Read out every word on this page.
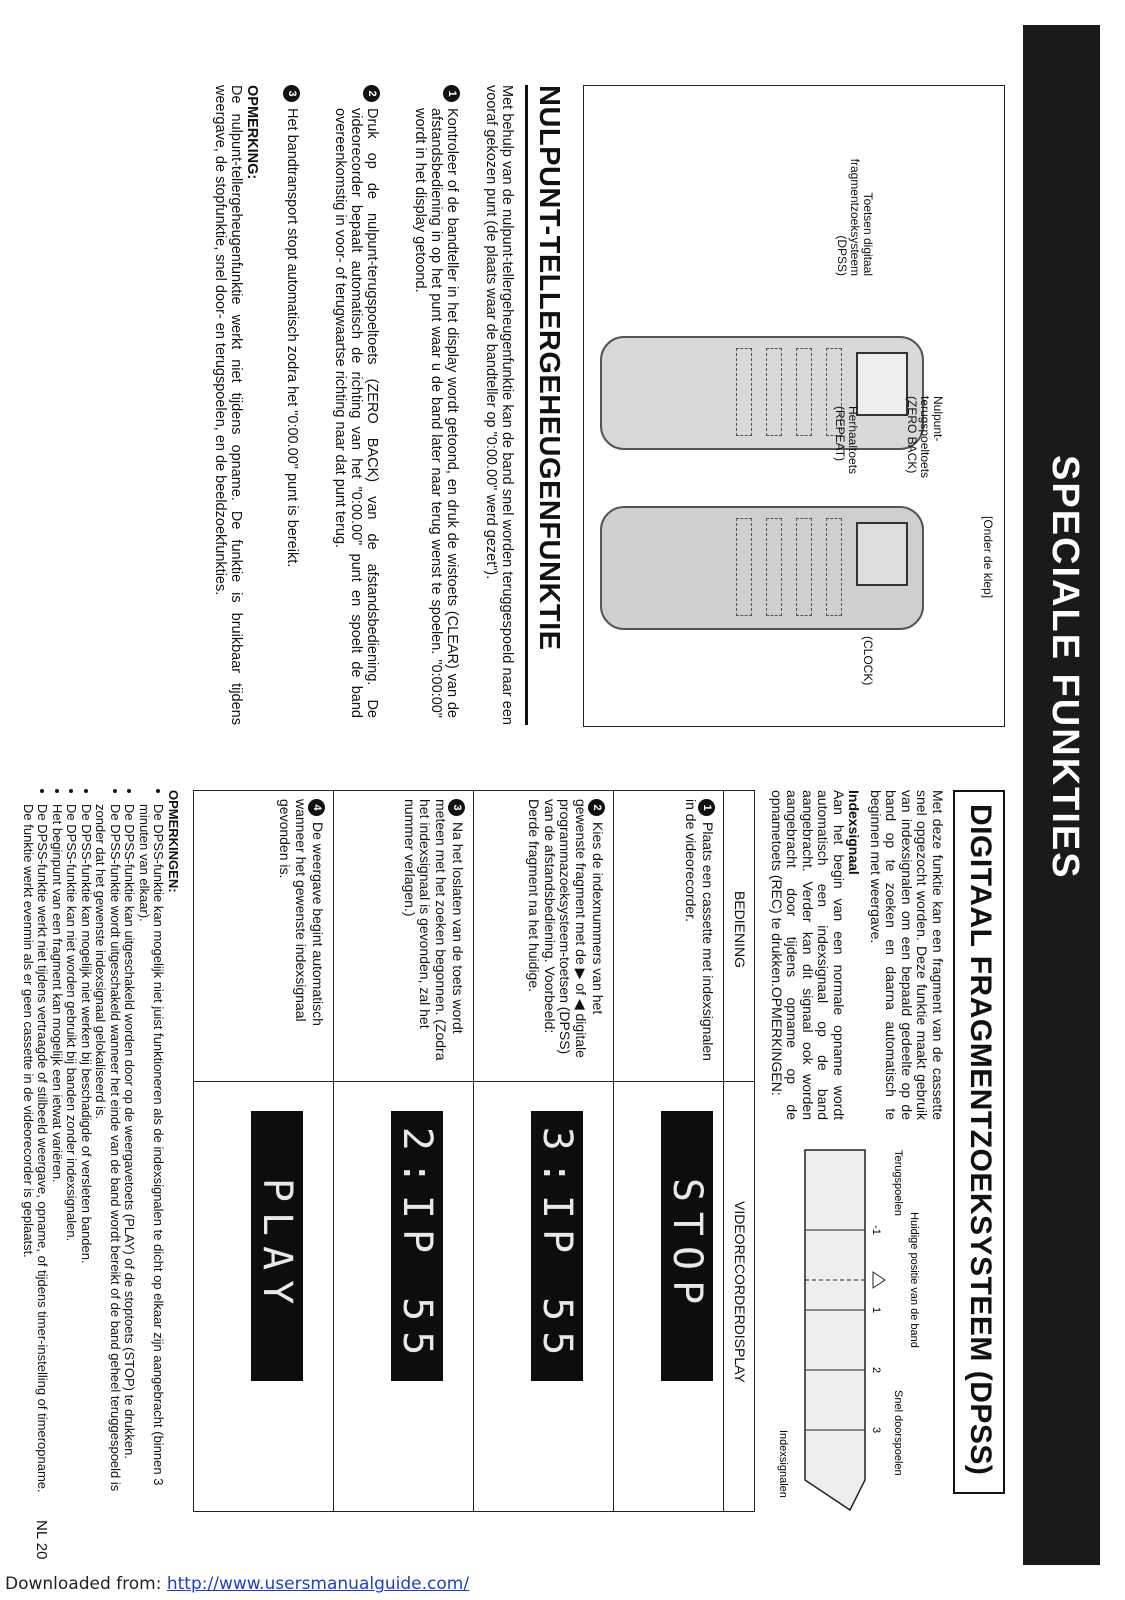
SPECIALE FUNKTIES
Toetsen digitaal fragmentzoeksysteem (DPSS)
Nulpunt-terugspoeltoets (ZERO BACK)
Herhaaltoets (REPEAT)
(CLOCK)
[Onder de klep]
NULPUNT-TELLERGEHEUGENFUNKTIE
Met behulp van de nulpunt-tellergeheugenfunktie kan de band snel worden teruggespoeld naar een vooraf gekozen punt (de plaats waar de bandteller op "0:00.00" werd gezet").
1Kontroleer of de bandteller in het display wordt getoond, en druk de wistoets (CLEAR) van de afstandsbediening in op het punt waar u de band later naar terug wenst te spoelen. "0:00:00" wordt in het display getoond.
2Druk op de nulpunt-terugspoeltoets (ZERO BACK) van de afstandsbediening. De videorecorder bepaalt automatisch de richting van het "0:00.00" punt en spoelt de band overeenkomstig in voor- of terugwaartse richting naar dat punt terug.
3Het bandtransport stopt automatisch zodra het "0:00.00" punt is bereikt.
OPMERKING:
De nulpunt-tellergeheugenfunktie werkt niet tijdens opname. De funktie is bruikbaar tijdens weergave, de stopfunktie, snel door- en terugspoelen, en de beeldzoekfunkties.
DIGITAAL FRAGMENTZOEKSYSTEEM (DPSS)
Met deze funktie kan een fragment van de cassette snel opgezocht worden. Deze funktie maakt gebruik van indexsignalen om een bepaald gedeelte op de band op te zoeken en daarna automatisch te beginnen met weergave.
Indexsignaal
Aan het begin van een normale opname wordt automatisch een indexsignaal op de band aangebracht. Verder kan dit signaal ook worden aangebracht door tijdens opname op de opnametoets (REC) te drukken.OPMERKINGEN:
-1
1
2
3
Huidige positie van de band
Terugspoelen
Snel doorspoelen
Indexsignalen
BEDIENING
VIDEORECORDERDISPLAY
1Plaats een cassette met indexsignalen in de videorecorder.
STOP
2Kies de indexnummers van het gewenste fragment met de ▶ of ◀ digitale programmazoeksysteem-toetsen (DPSS) van de afstandsbediening. Voorbeeld: Derde fragment na het huidige.
3:IP 55
3Na het loslaten van de toets wordt meteen met het zoeken begonnen. (Zodra het indexsignaal is gevonden, zal het nummer verlagen.)
2:IP 55
4De weergave begint automatisch wanneer het gewenste indexsignaal gevonden is.
PLAY
OPMERKINGEN:
• De DPSS-funktie kan mogelijk niet juist funktioneren als de indexsignalen te dicht op elkaar zijn aangebracht (binnen 3 minuten van elkaar).
• De DPSS-funktie kan uitgeschakeld worden door op de weergavetoets (PLAY) of de stoptoets (STOP) te drukken.
• De DPSS-funktie wordt uitgeschakeld wanneer het einde van de band wordt bereikt of de band geheel teruggespoeld is zonder dat het gewenste indexsignaal gelokaliseerd is.
• De DPSS-funktie kan mogelijk niet werken bij beschadigde of versleten banden.
• De DPSS-funktie kan niet worden gebruikt bij banden zonder indexsignalen.
• Het beginpunt van een fragment kan mogelijk een ietwat variëren.
• De DPSS-funktie werkt niet tijdens vertraagde of stilbeeld weergave, opname, of tijdens timer-instelling of timeropname. De funktie werkt evenmin als er geen cassette in de videorecorder is geplaatst.
NL 20
Downloaded from: http://www.usersmanualguide.com/
